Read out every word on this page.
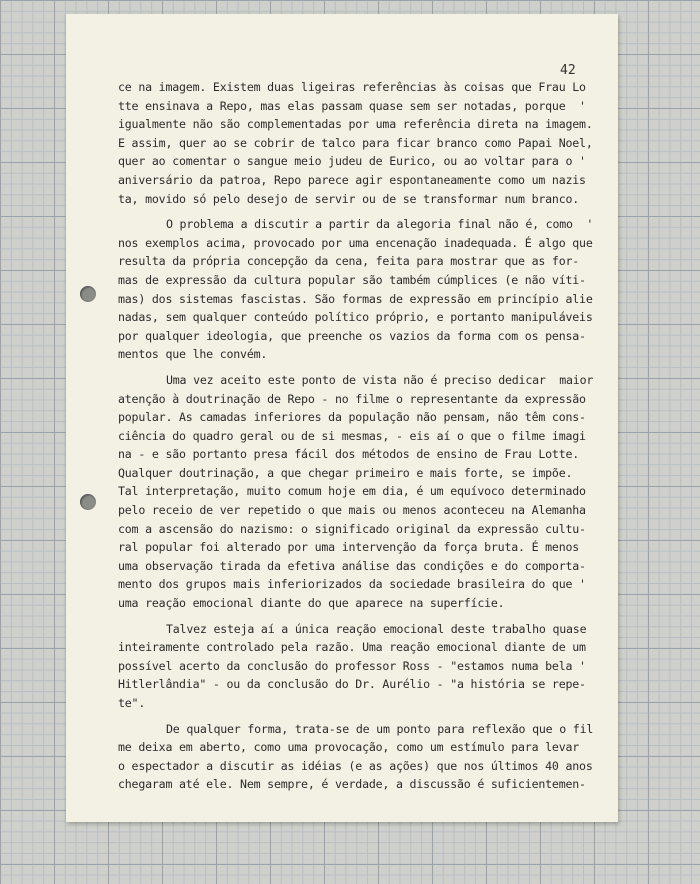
42
ce na imagem. Existem duas ligeiras referências às coisas que Frau Lo
tte ensinava a Repo, mas elas passam quase sem ser notadas, porque  '
igualmente não são complementadas por uma referência direta na imagem.
E assim, quer ao se cobrir de talco para ficar branco como Papai Noel,
quer ao comentar o sangue meio judeu de Eurico, ou ao voltar para o '
aniversário da patroa, Repo parece agir espontaneamente como um nazis
ta, movido só pelo desejo de servir ou de se transformar num branco.
O problema a discutir a partir da alegoria final não é, como  '
nos exemplos acima, provocado por uma encenação inadequada. É algo que
resulta da própria concepção da cena, feita para mostrar que as for-
mas de expressão da cultura popular são também cúmplices (e não víti-
mas) dos sistemas fascistas. São formas de expressão em princípio alie
nadas, sem qualquer conteúdo político próprio, e portanto manipuláveis
por qualquer ideologia, que preenche os vazios da forma com os pensa-
mentos que lhe convém.
Uma vez aceito este ponto de vista não é preciso dedicar  maior
atenção à doutrinação de Repo - no filme o representante da expressão
popular. As camadas inferiores da população não pensam, não têm cons-
ciência do quadro geral ou de si mesmas, - eis aí o que o filme imagi
na - e são portanto presa fácil dos métodos de ensino de Frau Lotte.
Qualquer doutrinação, a que chegar primeiro e mais forte, se impõe.
Tal interpretação, muito comum hoje em dia, é um equívoco determinado
pelo receio de ver repetido o que mais ou menos aconteceu na Alemanha
com a ascensão do nazismo: o significado original da expressão cultu-
ral popular foi alterado por uma intervenção da força bruta. É menos
uma observação tirada da efetiva análise das condições e do comporta-
mento dos grupos mais inferiorizados da sociedade brasileira do que '
uma reação emocional diante do que aparece na superfície.
Talvez esteja aí a única reação emocional deste trabalho quase
inteiramente controlado pela razão. Uma reação emocional diante de um
possível acerto da conclusão do professor Ross - "estamos numa bela '
Hitlerlândia" - ou da conclusão do Dr. Aurélio - "a história se repe-
te".
De qualquer forma, trata-se de um ponto para reflexão que o fil
me deixa em aberto, como uma provocação, como um estímulo para levar
o espectador a discutir as idéias (e as ações) que nos últimos 40 anos
chegaram até ele. Nem sempre, é verdade, a discussão é suficientemen-
